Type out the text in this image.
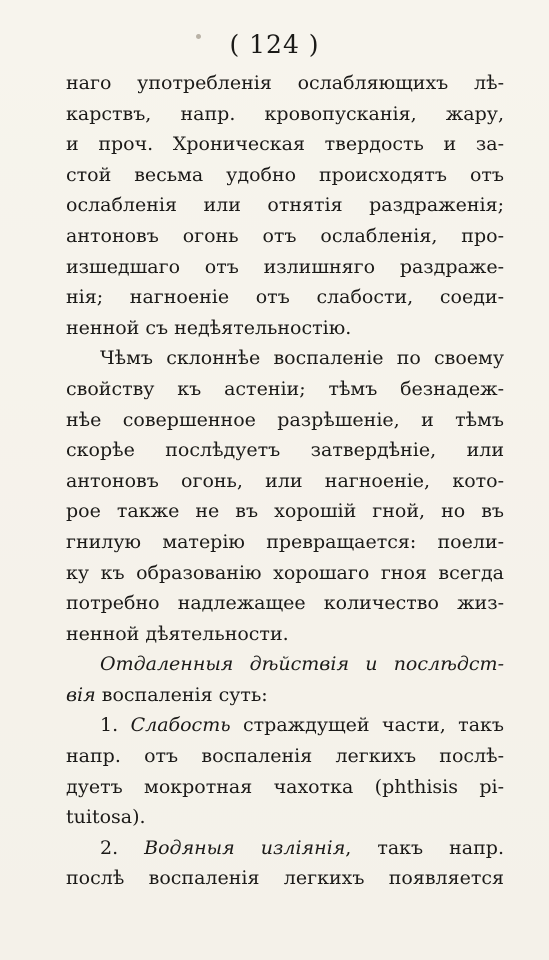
( 124 )
наго употребленія ослабляющихъ лѣ-
карствъ, напр. кровопусканія, жару,
и проч. Хроническая твердость и за-
стой весьма удобно происходятъ отъ
ослабленія или отнятія раздраженія;
антоновъ огонь отъ ослабленія, про-
изшедшаго отъ излишняго раздраже-
нія; нагноеніе отъ слабости, соеди-
ненной съ недѣятельностію.
Чѣмъ склоннѣе воспаленіе по своему
свойству къ астеніи; тѣмъ безнадеж-
нѣе совершенное разрѣшеніе, и тѣмъ
скорѣе послѣдуетъ затвердѣніе, или
антоновъ огонь, или нагноеніе, кото-
рое также не въ хорошій гной, но въ
гнилую матерію превращается: поели-
ку къ образованію хорошаго гноя всегда
потребно надлежащее количество жиз-
ненной дѣятельности.
Отдаленныя дѣйствія и послѣдст-
вія воспаленія суть:
1. Слабость страждущей части, такъ
напр. отъ воспаленія легкихъ послѣ-
дуетъ мокротная чахотка (phthisis pi-
tuitosa).
2. Водяныя изліянія, такъ напр.
послѣ воспаленія легкихъ появляется
